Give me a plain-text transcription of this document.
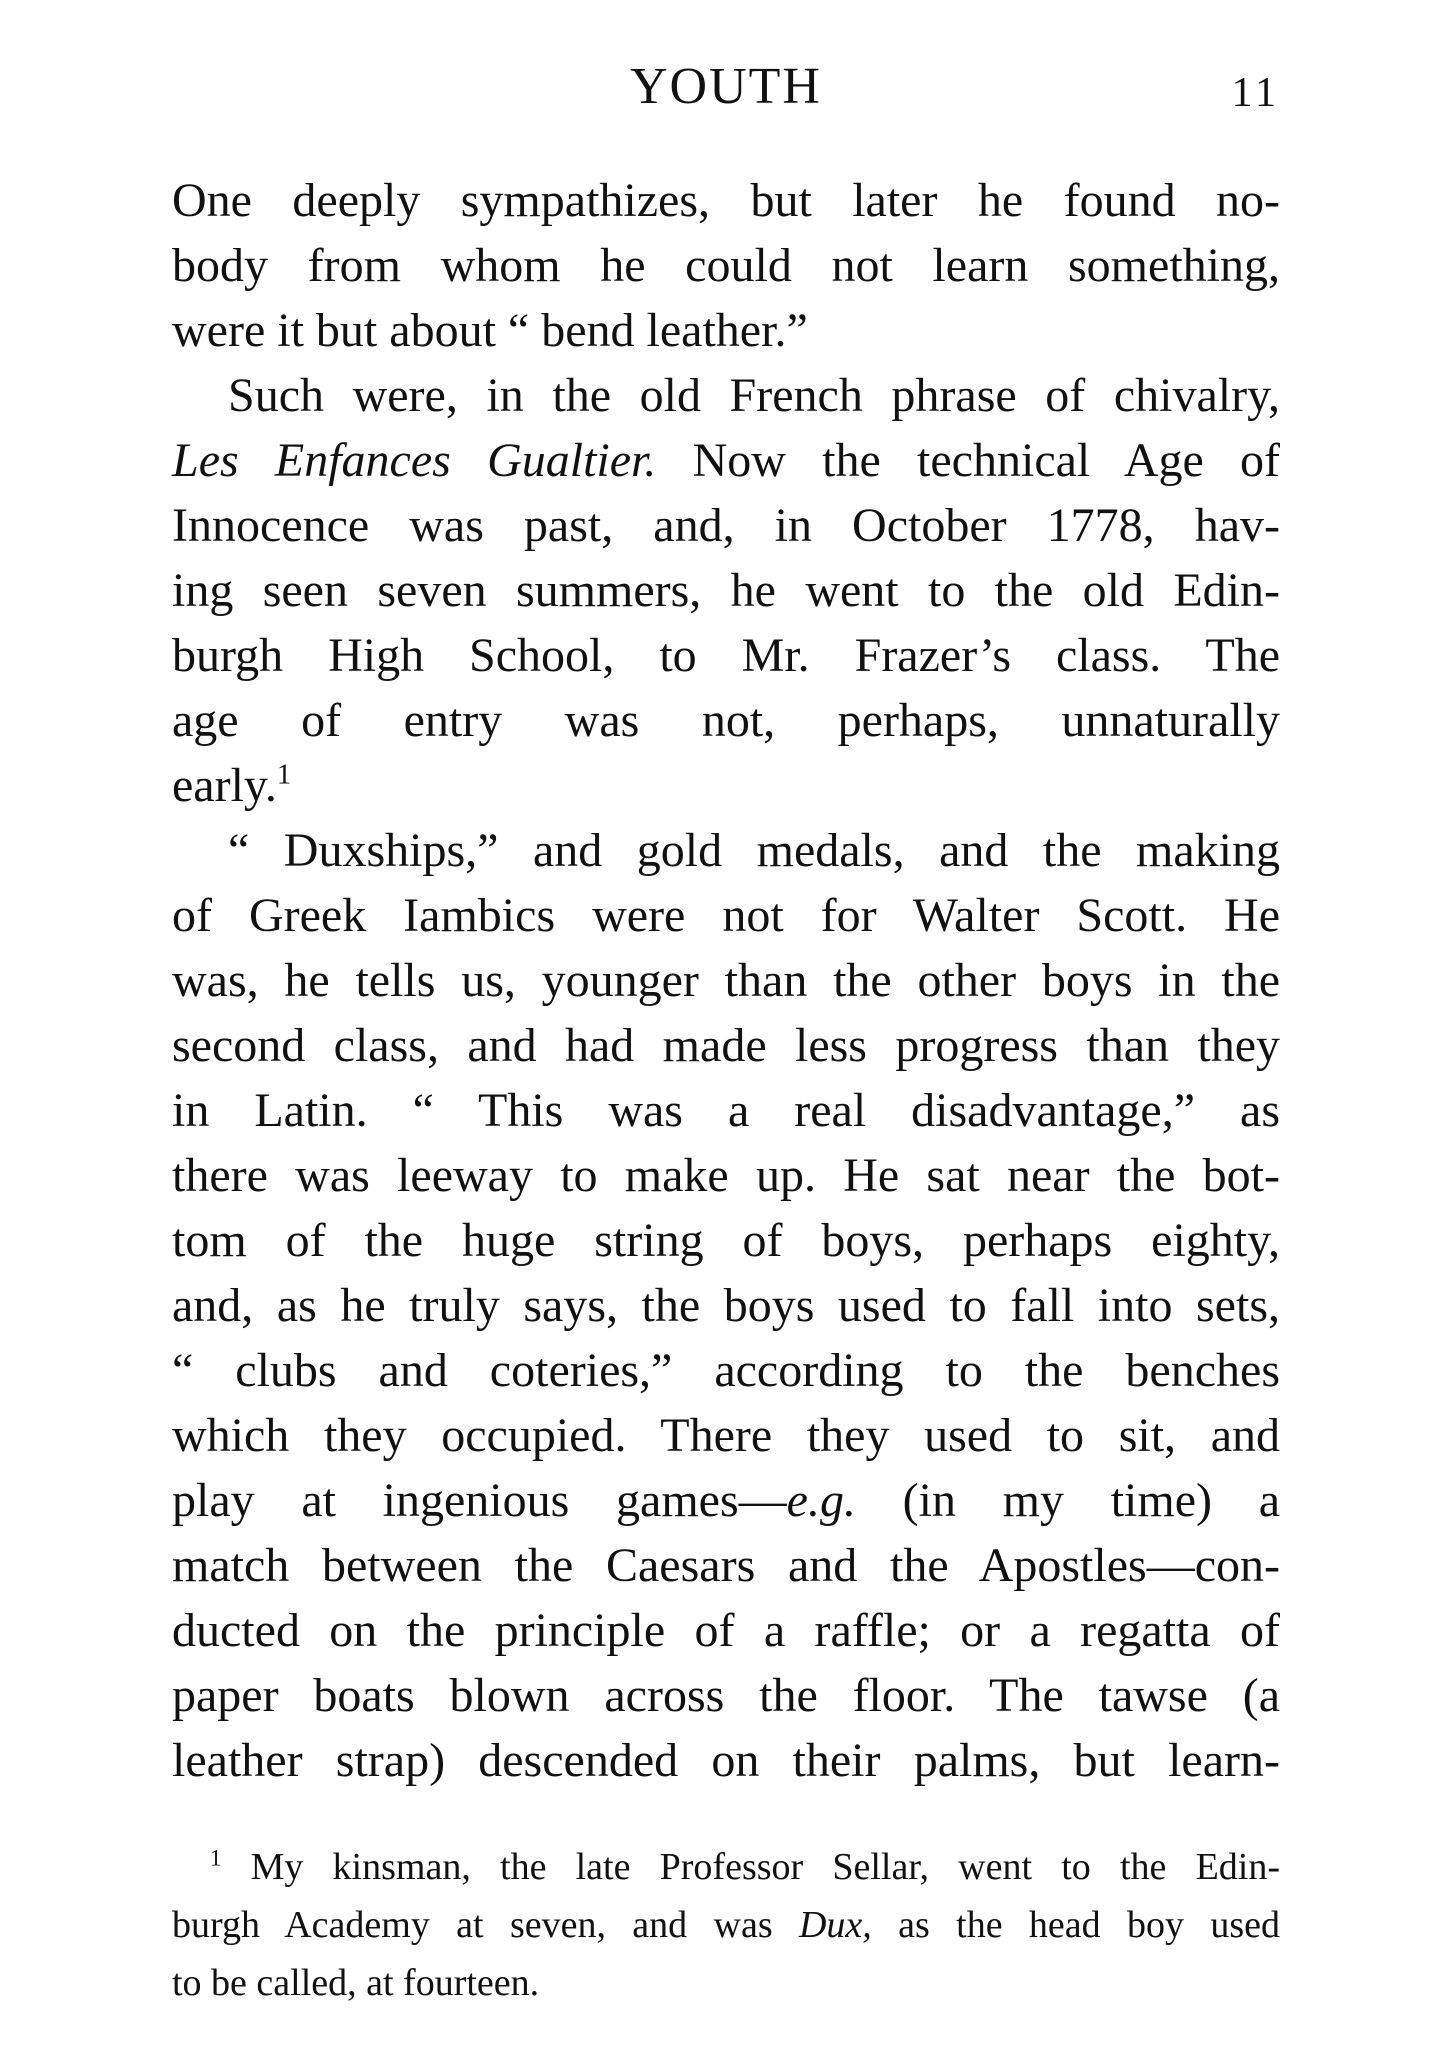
YOUTH	11
One deeply sympathizes, but later he found no-
body from whom he could not learn something,
were it but about “ bend leather.”
Such were, in the old French phrase of chivalry,
Les Enfances Gualtier. Now the technical Age of
Innocence was past, and, in October 1778, hav-
ing seen seven summers, he went to the old Edin-
burgh High School, to Mr. Frazer’s class. The
age of entry was not, perhaps, unnaturally
early.$^1$
“ Duxships,” and gold medals, and the making
of Greek Iambics were not for Walter Scott. He
was, he tells us, younger than the other boys in the
second class, and had made less progress than they
in Latin. “ This was a real disadvantage,” as
there was leeway to make up. He sat near the bot-
tom of the huge string of boys, perhaps eighty,
and, as he truly says, the boys used to fall into sets,
“ clubs and coteries,” according to the benches
which they occupied. There they used to sit, and
play at ingenious games—e.g. (in my time) a
match between the Caesars and the Apostles—con-
ducted on the principle of a raffle; or a regatta of
paper boats blown across the floor. The tawse (a
leather strap) descended on their palms, but learn-
$^1$ My kinsman, the late Professor Sellar, went to the Edin-
burgh Academy at seven, and was Dux, as the head boy used
to be called, at fourteen.
